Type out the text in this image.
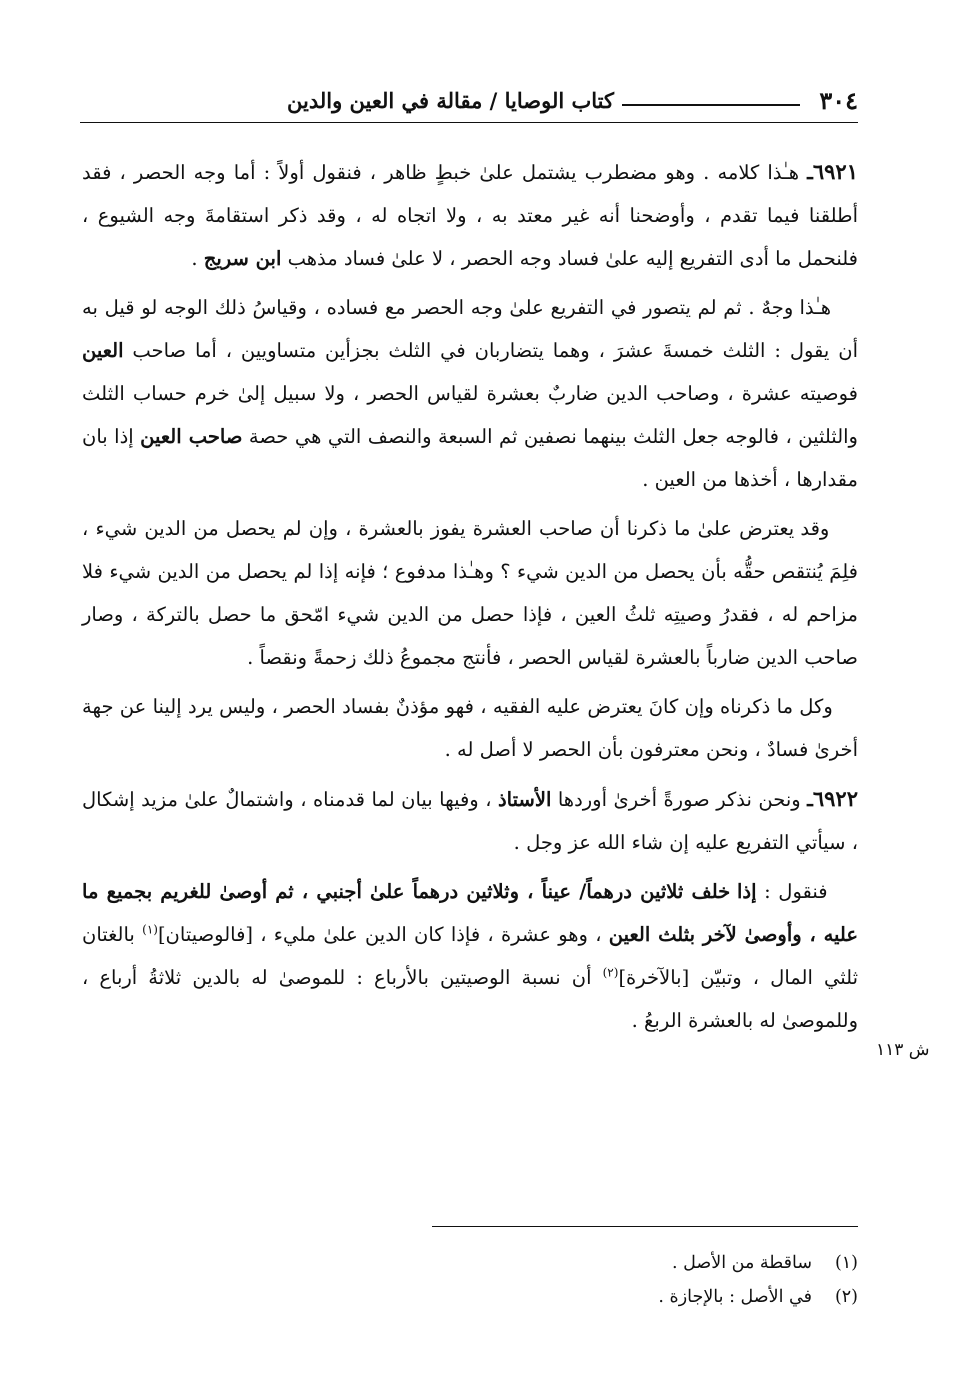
٣٠٤
كتاب الوصايا / مقالة في العين والدين

٦٩٢١ـ هـٰذا كلامه . وهو مضطرب يشتمل علىٰ خبطٍ ظاهر ، فنقول أولاً : أما وجه الحصر ، فقد أطلقنا فيما تقدم ، وأوضحنا أنه غير معتد به ، ولا اتجاه له ، وقد ذكر استقامةَ وجه الشيوع ، فلنحمل ما أدى التفريع إليه علىٰ فساد وجه الحصر ، لا علىٰ فساد مذهب ابن سريج .

هـٰذا وجهٌ . ثم لم يتصور في التفريع علىٰ وجه الحصر مع فساده ، وقياسُ ذلك الوجه لو قيل به أن يقول : الثلث خمسةَ عشرَ ، وهما يتضاربان في الثلث بجزأين متساويين ، أما صاحب العين فوصيته عشرة ، وصاحب الدين ضاربٌ بعشرة لقياس الحصر ، ولا سبيل إلىٰ خرم حساب الثلث والثلثين ، فالوجه جعل الثلث بينهما نصفين ثم السبعة والنصف التي هي حصة صاحب العين إذا بان مقدارها ، أخذها من العين .

وقد يعترض علىٰ ما ذكرنا أن صاحب العشرة يفوز بالعشرة ، وإن لم يحصل من الدين شيء ، فلِمَ يُنتقص حقُّه بأن يحصل من الدين شيء ؟ وهـٰذا مدفوع ؛ فإنه إذا لم يحصل من الدين شيء فلا مزاحم له ، فقدرُ وصيتِه ثلثُ العين ، فإذا حصل من الدين شيء امّحق ما حصل بالتركة ، وصار صاحب الدين ضارباً بالعشرة لقياس الحصر ، فأنتج مجموعُ ذلك زحمةً ونقصاً .

وكل ما ذكرناه وإن كانَ يعترض عليه الفقيه ، فهو مؤذنٌ بفساد الحصر ، وليس يرد إلينا عن جهة أخرىٰ فسادٌ ، ونحن معترفون بأن الحصر لا أصل له .

٦٩٢٢ـ ونحن نذكر صورةً أخرىٰ أوردها الأستاذ ، وفيها بيان لما قدمناه ، واشتمالٌ علىٰ مزيد إشكال ، سيأتي التفريع عليه إن شاء الله عز وجل .

فنقول : إذا خلف ثلاثين درهماً/ عيناً ، وثلاثين درهماً علىٰ أجنبي ، ثم أوصىٰ للغريم بجميع ما عليه ، وأوصىٰ لآخر بثلث العين ، وهو عشرة ، فإذا كان الدين علىٰ مليء ، [فالوصيتان]$^{(١)}$ بالغتان ثلثي المال ، وتبيّن [بالآخرة]$^{(٢)}$ أن نسبة الوصيتين بالأرباع : للموصىٰ له بالدين ثلاثةُ أرباع ، وللموصىٰ له بالعشرة الربعُ .

ش ١١٣
(١)
ساقطة من الأصل .
(٢)
في الأصل : بالإجازة .
